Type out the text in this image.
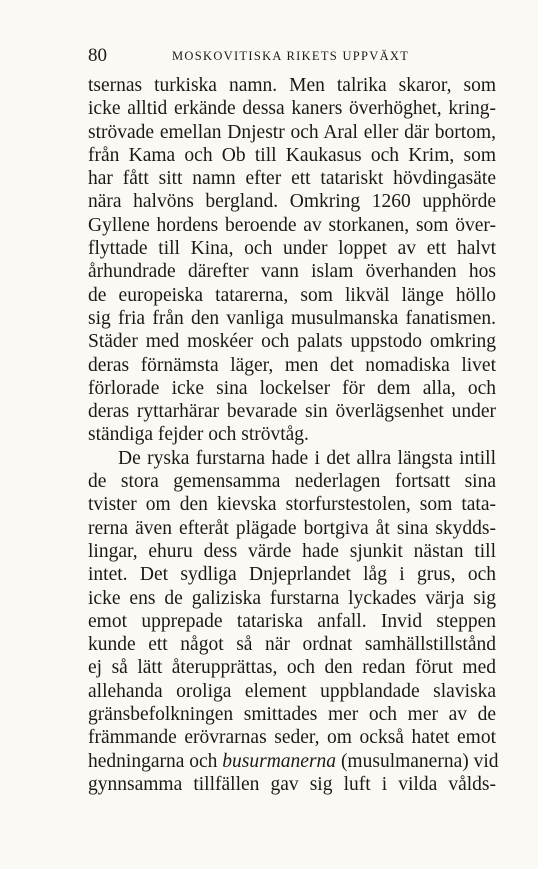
80	MOSKOVITISKA RIKETS UPPVÄXT
tsernas turkiska namn. Men talrika skaror, som
icke alltid erkände dessa kaners överhöghet, kring-
strövade emellan Dnjestr och Aral eller där bortom,
från Kama och Ob till Kaukasus och Krim, som
har fått sitt namn efter ett tatariskt hövdingasäte
nära halvöns bergland. Omkring 1260 upphörde
Gyllene hordens beroende av storkanen, som över-
flyttade till Kina, och under loppet av ett halvt
århundrade därefter vann islam överhanden hos
de europeiska tatarerna, som likväl länge höllo
sig fria från den vanliga musulmanska fanatismen.
Städer med moskéer och palats uppstodo omkring
deras förnämsta läger, men det nomadiska livet
förlorade icke sina lockelser för dem alla, och
deras ryttarhärar bevarade sin överlägsenhet under
ständiga fejder och strövtåg.
De ryska furstarna hade i det allra längsta intill
de stora gemensamma nederlagen fortsatt sina
tvister om den kievska storfurstestolen, som tata-
rerna även efteråt plägade bortgiva åt sina skydds-
lingar, ehuru dess värde hade sjunkit nästan till
intet. Det sydliga Dnjeprlandet låg i grus, och
icke ens de galiziska furstarna lyckades värja sig
emot upprepade tatariska anfall. Invid steppen
kunde ett något så när ordnat samhällstillstånd
ej så lätt återupprättas, och den redan förut med
allehanda oroliga element uppblandade slaviska
gränsbefolkningen smittades mer och mer av de
främmande erövrarnas seder, om också hatet emot
hedningarna och busurmanerna (musulmanerna) vid
gynnsamma tillfällen gav sig luft i vilda vålds-
